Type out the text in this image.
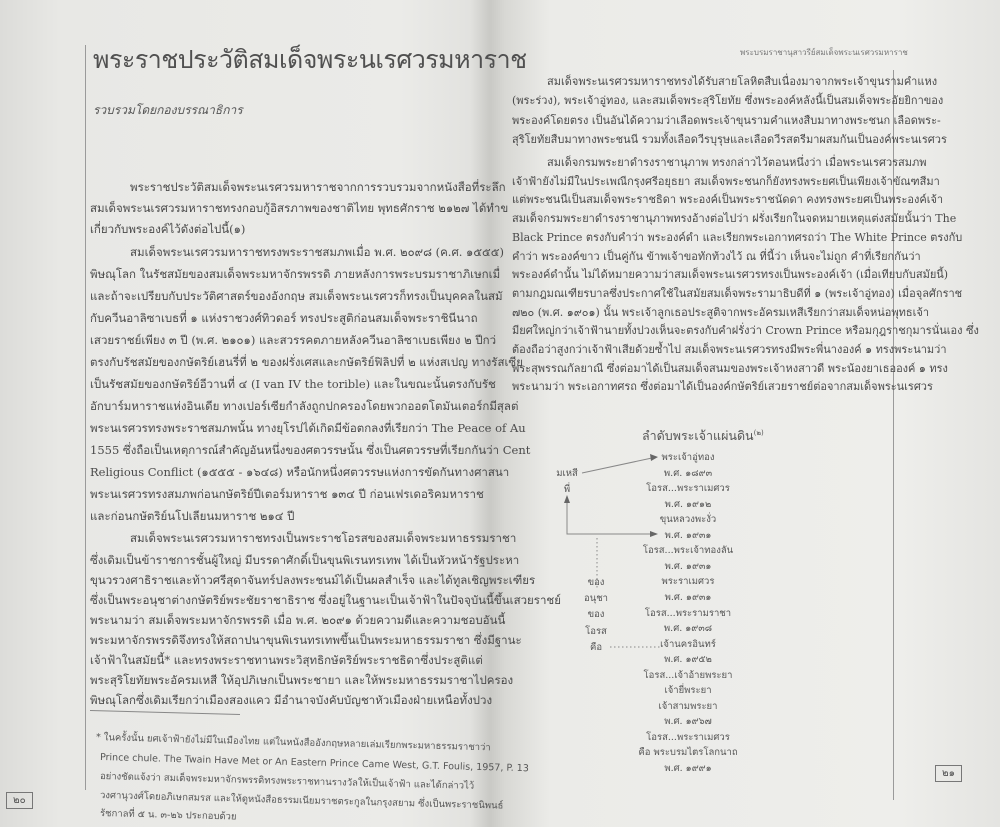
พระราชประวัติสมเด็จพระนเรศวรมหาราช
รวบรวมโดยกองบรรณาธิการ
พระราชประวัติสมเด็จพระนเรศวรมหาราชจากการรวบรวมจากหนังสือที่ระลึก
สมเด็จพระนเรศวรมหาราชทรงกอบกู้อิสรภาพของชาติไทย พุทธศักราช ๒๑๒๗ ได้ทำข
เกี่ยวกับพระองค์ไว้ดังต่อไปนี้(๑)
สมเด็จพระนเรศวรมหาราชทรงพระราชสมภพเมื่อ พ.ศ. ๒๐๙๘ (ค.ศ. ๑๕๕๕)
พิษณุโลก ในรัชสมัยของสมเด็จพระมหาจักรพรรดิ ภายหลังการพระบรมราชาภิเษกเมื่
และถ้าจะเปรียบกับประวัติศาสตร์ของอังกฤษ สมเด็จพระนเรศวรก็ทรงเป็นบุคคลในสมั
กับควีนอาลิซาเบธที่ ๑ แห่งราชวงศ์ทิวดอร์ ทรงประสูติก่อนสมเด็จพระราชินีนาถ
เสวยราชย์เพียง ๓ ปี (พ.ศ. ๒๑๐๑) และสวรรคตภายหลังควีนอาลิซาเบธเพียง ๒ ปีกว่
ตรงกับรัชสมัยของกษัตริย์เฮนรี่ที่ ๒ ของฝรั่งเศสและกษัตริย์ฟิลิปที่ ๒ แห่งสเปญ ทางรัสเซีย
เป็นรัชสมัยของกษัตริย์อีวานที่ ๔ (I van IV the torible) และในขณะนั้นตรงกับรัช
อักบาร์มหาราชแห่งอินเดีย ทางเปอร์เซียกำลังถูกปกครองโดยพวกออตโตมันเตอร์กมีสุลต่
พระนเรศวรทรงพระราชสมภพนั้น ทางยุโรปได้เกิดมีข้อตกลงที่เรียกว่า The Peace of Au
1555 ซึ่งถือเป็นเหตุการณ์สำคัญอันหนึ่งของศตวรรษนั้น ซึ่งเป็นศตวรรษที่เรียกกันว่า Cent
Religious Conflict (๑๕๕๕ - ๑๖๔๘) หรือนักหนึ่งศตวรรษแห่งการขัดกันทางศาสนา
พระนเรศวรทรงสมภพก่อนกษัตริย์ปีเตอร์มหาราช ๑๓๔ ปี ก่อนเฟรเดอริคมหาราช
และก่อนกษัตริย์นโปเลียนมหาราช ๒๑๔ ปี
สมเด็จพระนเรศวรมหาราชทรงเป็นพระราชโอรสของสมเด็จพระมหาธรรมราชา
ซึ่งเดิมเป็นข้าราชการชั้นผู้ใหญ่ มีบรรดาศักดิ์เป็นขุนพิเรนทรเทพ ได้เป็นหัวหน้ารัฐประหา
ขุนวรวงศาธิราชและท้าวศรีสุดาจันทร์ปลงพระชนม์ได้เป็นผลสำเร็จ และได้ทูลเชิญพระเฑียร
ซึ่งเป็นพระอนุชาต่างกษัตริย์พระชัยราชาธิราช ซึ่งอยู่ในฐานะเป็นเจ้าฟ้าในปัจจุบันนี้ขึ้นเสวยราชย์
พระนามว่า สมเด็จพระมหาจักรพรรดิ เมื่อ พ.ศ. ๒๐๙๑ ด้วยความดีและความชอบอันนี้
พระมหาจักรพรรดิจึงทรงให้สถาปนาขุนพิเรนทรเทพขึ้นเป็นพระมหาธรรมราชา ซึ่งมีฐานะ
เจ้าฟ้าในสมัยนี้* และทรงพระราชทานพระวิสุทธิกษัตริย์พระราชธิดาซึ่งประสูติแต่
พระสุริโยทัยพระอัครมเหสี ให้อุปภิเษกเป็นพระชายา และให้พระมหาธรรมราชาไปครอง
พิษณุโลกซึ่งเดิมเรียกว่าเมืองสองแคว มีอำนาจบังคับบัญชาหัวเมืองฝ่ายเหนือทั้งปวง
* ในครั้งนั้น ยศเจ้าฟ้ายังไม่มีในเมืองไทย แต่ในหนังสืออังกฤษหลายเล่มเรียกพระมหาธรรมราชาว่า
Prince chule. The Twain Have Met or An Eastern Prince Came West, G.T. Foulis, 1957, P. 13
อย่างชัดแจ้งว่า สมเด็จพระมหาจักรพรรดิทรงพระราชทานรางวัลให้เป็นเจ้าฟ้า และได้กล่าวไว้
วงศานุวงศ์โดยอภิเษกสมรส และให้ดูหนังสือธรรมเนียมราชตระกูลในกรุงสยาม ซึ่งเป็นพระราชนิพนธ์
รัชกาลที่ ๕ น. ๓-๒๖ ประกอบด้วย
๒๐
พระบรมราชานุสาวรีย์สมเด็จพระนเรศวรมหาราช
สมเด็จพระนเรศวรมหาราชทรงได้รับสายโลหิตสืบเนื่องมาจากพระเจ้าขุนรามคำแหง
(พระร่วง), พระเจ้าอู่ทอง, และสมเด็จพระสุริโยทัย ซึ่งพระองค์หลังนี้เป็นสมเด็จพระอัยยิกาของ
พระองค์โดยตรง เป็นอันได้ความว่าเลือดพระเจ้าขุนรามคำแหงสืบมาทางพระชนก เลือดพระ-
สุริโยทัยสืบมาทางพระชนนี รวมทั้งเลือดวีรบุรุษและเลือดวีรสตรีมาผสมกันเป็นองค์พระนเรศวร
สมเด็จกรมพระยาดำรงราชานุภาพ ทรงกล่าวไว้ตอนหนึ่งว่า เมื่อพระนเรศวรสมภพ
เจ้าฟ้ายังไม่มีในประเพณีกรุงศรีอยุธยา สมเด็จพระชนกก็ยังทรงพระยศเป็นเพียงเจ้าขัณฑสีมา
แต่พระชนนีเป็นสมเด็จพระราชธิดา พระองค์เป็นพระราชนัดดา คงทรงพระยศเป็นพระองค์เจ้า
สมเด็จกรมพระยาดำรงราชานุภาพทรงอ้างต่อไปว่า ฝรั่งเรียกในจดหมายเหตุแต่งสมัยนั้นว่า The
Black Prince ตรงกับคำว่า พระองค์ดำ และเรียกพระเอกาทศรถว่า The White Prince ตรงกับ
คำว่า พระองค์ขาว เป็นคู่กัน ข้าพเจ้าขอทักท้วงไว้ ณ ที่นี้ว่า เห็นจะไม่ถูก คำที่เรียกกันว่า
พระองค์ดำนั้น ไม่ได้หมายความว่าสมเด็จพระนเรศวรทรงเป็นพระองค์เจ้า (เมื่อเทียบกับสมัยนี้)
ตามกฎมณเฑียรบาลซึ่งประกาศใช้ในสมัยสมเด็จพระรามาธิบดีที่ ๑ (พระเจ้าอู่ทอง) เมื่อจุลศักราช
๗๒๐ (พ.ศ. ๑๙๐๑) นั้น พระเจ้าลูกเธอประสูติจากพระอัครมเหสีเรียกว่าสมเด็จหน่อพุทธเจ้า
มียศใหญ่กว่าเจ้าฟ้านายทั้งปวงเห็นจะตรงกับคำฝรั่งว่า Crown Prince หรือมกุฎราชกุมารนั่นเอง ซึ่ง
ต้องถือว่าสูงกว่าเจ้าฟ้าเสียด้วยซ้ำไป สมเด็จพระนเรศวรทรงมีพระพี่นางองค์ ๑ ทรงพระนามว่า
พระสุพรรณกัลยาณี ซึ่งต่อมาได้เป็นสมเด็จสนมของพระเจ้าหงสาวดี พระน้องยาเธอองค์ ๑ ทรง
พระนามว่า พระเอกาทศรถ ซึ่งต่อมาได้เป็นองค์กษัตริย์เสวยราชย์ต่อจากสมเด็จพระนเรศวร
ลำดับพระเจ้าแผ่นดิน$^{(๒)}$
พระเจ้าอู่ทอง
พ.ศ. ๑๘๙๓
โอรส...พระราเมศวร
พ.ศ. ๑๙๑๒
ขุนหลวงพะงั่ว
พ.ศ. ๑๙๓๑
โอรส...พระเจ้าทองลัน
พ.ศ. ๑๙๓๑
พระราเมศวร
พ.ศ. ๑๙๓๑
โอรส...พระรามราชา
พ.ศ. ๑๙๓๘
เจ้านครอินทร์
พ.ศ. ๑๙๕๒
โอรส...เจ้าอ้ายพระยา
เจ้ายี่พระยา
เจ้าสามพระยา
พ.ศ. ๑๙๖๗
โอรส...พระราเมศวร
คือ พระบรมไตรโลกนาถ
พ.ศ. ๑๙๙๑
มเหสี
พี่
ของ
อนุชา
ของ
โอรส
คือ
๒๑
